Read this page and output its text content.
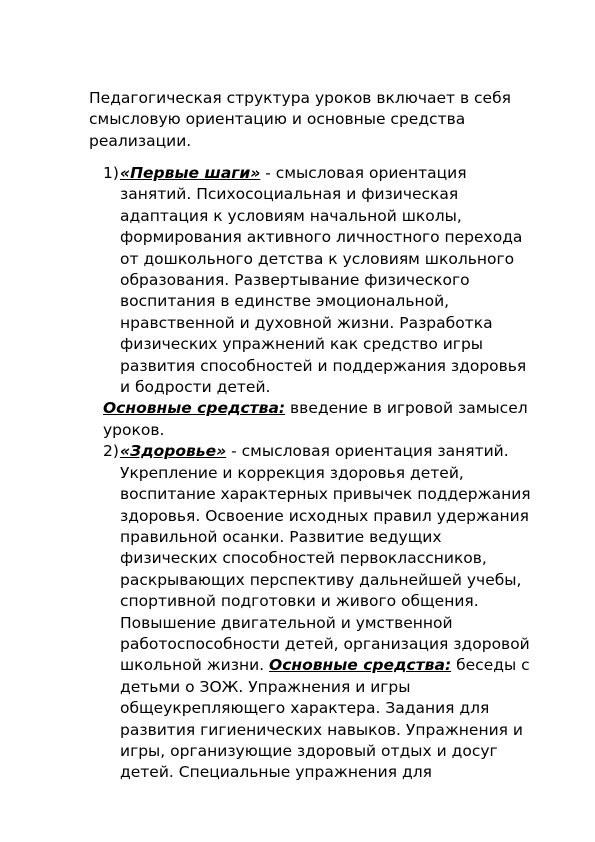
Педагогическая структура уроков включает в себя
смысловую ориентацию и основные средства
реализации.
1) «Первые шаги» - смысловая ориентация
занятий. Психосоциальная и физическая
адаптация к условиям начальной школы,
формирования активного личностного перехода
от дошкольного детства к условиям школьного
образования. Развертывание физического
воспитания в единстве эмоциональной,
нравственной и духовной жизни. Разработка
физических упражнений как средство игры
развития способностей и поддержания здоровья
и бодрости детей.
Основные средства: введение в игровой замысел
уроков.
2) «Здоровье» - смысловая ориентация занятий.
Укрепление и коррекция здоровья детей,
воспитание характерных привычек поддержания
здоровья. Освоение исходных правил удержания
правильной осанки. Развитие ведущих
физических способностей первоклассников,
раскрывающих перспективу дальнейшей учебы,
спортивной подготовки и живого общения.
Повышение двигательной и умственной
работоспособности детей, организация здоровой
школьной жизни. Основные средства: беседы с
детьми о ЗОЖ. Упражнения и игры
общеукрепляющего характера. Задания для
развития гигиенических навыков. Упражнения и
игры, организующие здоровый отдых и досуг
детей. Специальные упражнения для
